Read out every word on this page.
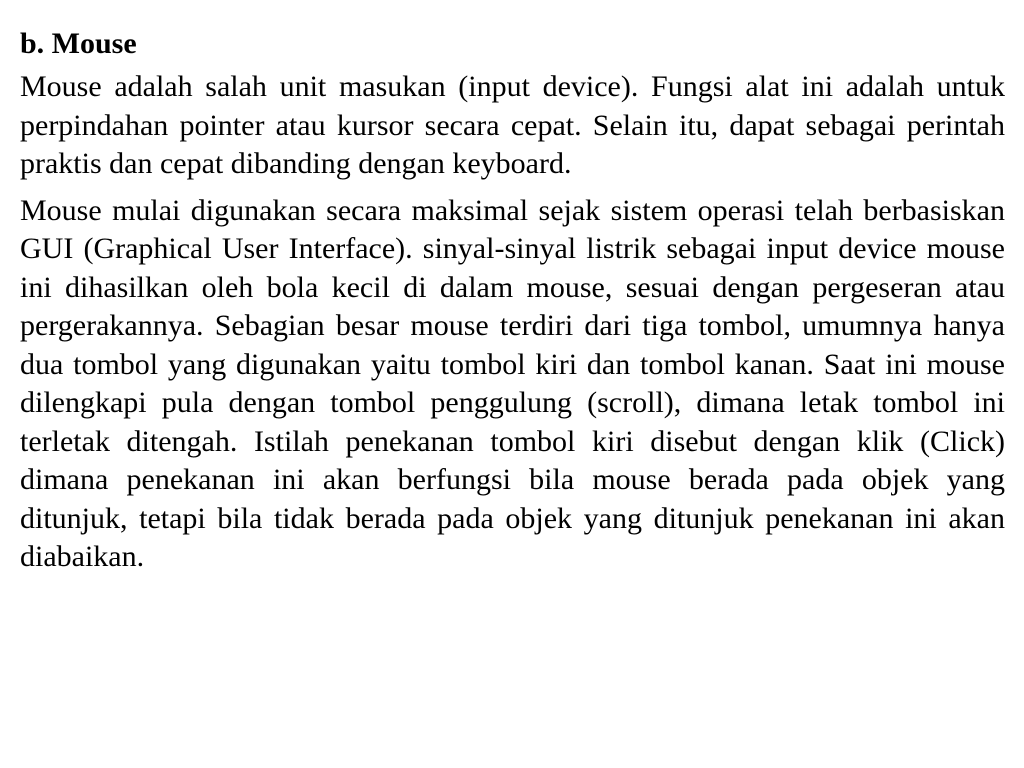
b. Mouse

Mouse adalah salah unit masukan (input device). Fungsi alat ini adalah untuk perpindahan pointer atau kursor secara cepat. Selain itu, dapat sebagai perintah praktis dan cepat dibanding dengan keyboard.

Mouse mulai digunakan secara maksimal sejak sistem operasi telah berbasiskan GUI (Graphical User Interface). sinyal-sinyal listrik sebagai input device mouse ini dihasilkan oleh bola kecil di dalam mouse, sesuai dengan pergeseran atau pergerakannya. Sebagian besar mouse terdiri dari tiga tombol, umumnya hanya dua tombol yang digunakan yaitu tombol kiri dan tombol kanan. Saat ini mouse dilengkapi pula dengan tombol penggulung (scroll), dimana letak tombol ini terletak ditengah. Istilah penekanan tombol kiri disebut dengan klik (Click) dimana penekanan ini akan berfungsi bila mouse berada pada objek yang ditunjuk, tetapi bila tidak berada pada objek yang ditunjuk penekanan ini akan diabaikan.
